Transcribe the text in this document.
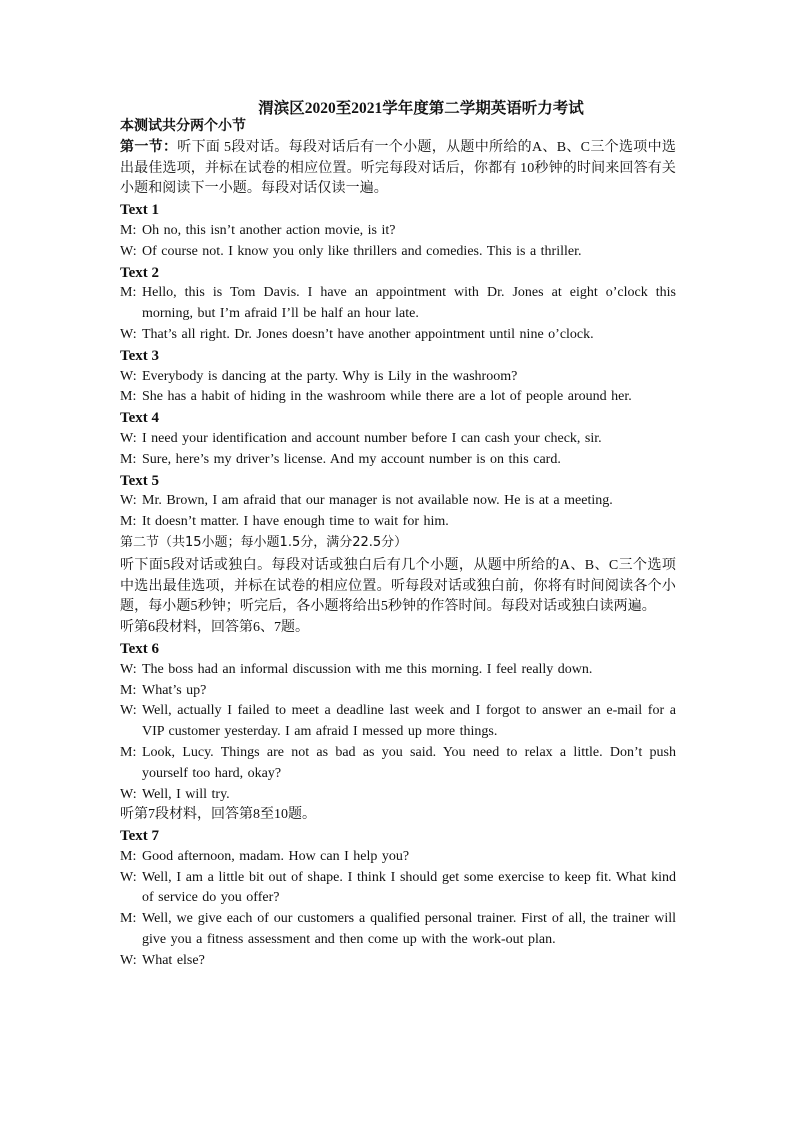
渭滨区2020至2021学年度第二学期英语听力考试

本测试共分两个小节

第一节：听下面 5段对话。每段对话后有一个小题，从题中所给的A、B、C三个选项中选出最佳选项，并标在试卷的相应位置。听完每段对话后，你都有 10秒钟的时间来回答有关小题和阅读下一小题。每段对话仅读一遍。

Text 1

M: Oh no, this isn’t another action movie, is it?
W: Of course not. I know you only like thrillers and comedies. This is a thriller.

Text 2

M: Hello, this is Tom Davis. I have an appointment with Dr. Jones at eight o’clock this morning, but I’m afraid I’ll be half an hour late.
W: That’s all right. Dr. Jones doesn’t have another appointment until nine o’clock.

Text 3

W: Everybody is dancing at the party. Why is Lily in the washroom?
M: She has a habit of hiding in the washroom while there are a lot of people around her.

Text 4

W: I need your identification and account number before I can cash your check, sir.
M: Sure, here’s my driver’s license. And my account number is on this card.

Text 5

W: Mr. Brown, I am afraid that our manager is not available now. He is at a meeting.
M: It doesn’t matter. I have enough time to wait for him.

第二节（共15小题；每小题1.5分，满分22.5分）

听下面5段对话或独白。每段对话或独白后有几个小题，从题中所给的A、B、C三个选项中选出最佳选项，并标在试卷的相应位置。听每段对话或独白前，你将有时间阅读各个小题，每小题5秒钟；听完后，各小题将给出5秒钟的作答时间。每段对话或独白读两遍。

听第6段材料，回答第6、7题。

Text 6

W: The boss had an informal discussion with me this morning. I feel really down.
M: What’s up?
W: Well, actually I failed to meet a deadline last week and I forgot to answer an e-mail for a VIP customer yesterday. I am afraid I messed up more things.
M: Look, Lucy. Things are not as bad as you said. You need to relax a little. Don’t push yourself too hard, okay?
W: Well, I will try.

听第7段材料，回答第8至10题。

Text 7

M: Good afternoon, madam. How can I help you?
W: Well, I am a little bit out of shape. I think I should get some exercise to keep fit. What kind of service do you offer?
M: Well, we give each of our customers a qualified personal trainer. First of all, the trainer will give you a fitness assessment and then come up with the work-out plan.
W: What else?
